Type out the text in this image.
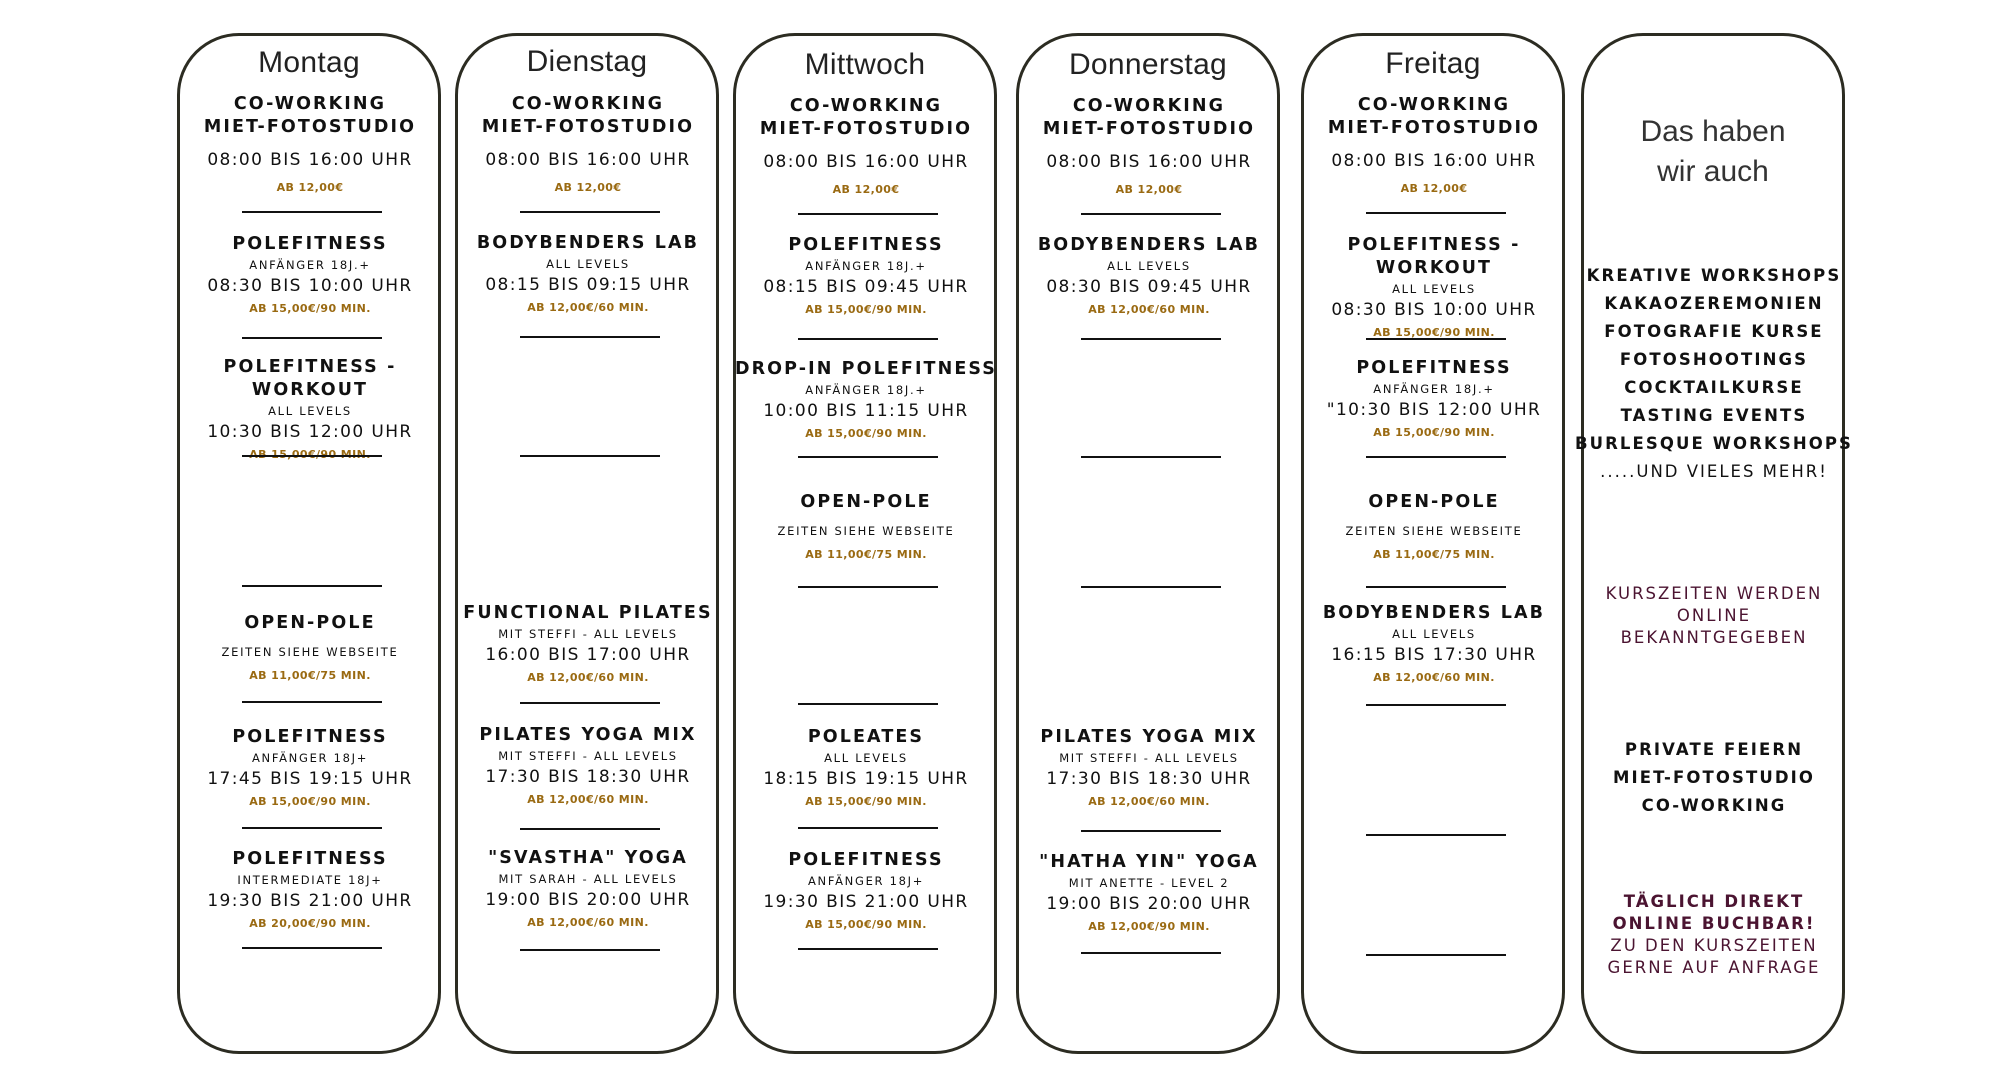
Montag
CO-WORKING
MIET-FOTOSTUDIO
08:00 BIS 16:00 UHR
AB 12,00€
POLEFITNESS
ANFÄNGER 18J.+
08:30 BIS 10:00 UHR
AB 15,00€/90 MIN.
POLEFITNESS - WORKOUT
ALL LEVELS
10:30 BIS 12:00 UHR
AB 15,00€/90 MIN.
OPEN-POLE
ZEITEN SIEHE WEBSEITE
AB 11,00€/75 MIN.
POLEFITNESS
ANFÄNGER 18J+
17:45 BIS 19:15 UHR
AB 15,00€/90 MIN.
POLEFITNESS
INTERMEDIATE 18J+
19:30 BIS 21:00 UHR
AB 20,00€/90 MIN.
Dienstag
CO-WORKING
MIET-FOTOSTUDIO
08:00 BIS 16:00 UHR
AB 12,00€
BODYBENDERS LAB
ALL LEVELS
08:15 BIS 09:15 UHR
AB 12,00€/60 MIN.
FUNCTIONAL PILATES
MIT STEFFI - ALL LEVELS
16:00 BIS 17:00 UHR
AB 12,00€/60 MIN.
PILATES YOGA MIX
MIT STEFFI - ALL LEVELS
17:30 BIS 18:30 UHR
AB 12,00€/60 MIN.
"SVASTHA" YOGA
MIT SARAH - ALL LEVELS
19:00 BIS 20:00 UHR
AB 12,00€/60 MIN.
Mittwoch
CO-WORKING
MIET-FOTOSTUDIO
08:00 BIS 16:00 UHR
AB 12,00€
POLEFITNESS
ANFÄNGER 18J.+
08:15 BIS 09:45 UHR
AB 15,00€/90 MIN.
DROP-IN POLEFITNESS
ANFÄNGER 18J.+
10:00 BIS 11:15 UHR
AB 15,00€/90 MIN.
OPEN-POLE
ZEITEN SIEHE WEBSEITE
AB 11,00€/75 MIN.
POLEATES
ALL LEVELS
18:15 BIS 19:15 UHR
AB 15,00€/90 MIN.
POLEFITNESS
ANFÄNGER 18J+
19:30 BIS 21:00 UHR
AB 15,00€/90 MIN.
Donnerstag
CO-WORKING
MIET-FOTOSTUDIO
08:00 BIS 16:00 UHR
AB 12,00€
BODYBENDERS LAB
ALL LEVELS
08:30 BIS 09:45 UHR
AB 12,00€/60 MIN.
PILATES YOGA MIX
MIT STEFFI - ALL LEVELS
17:30 BIS 18:30 UHR
AB 12,00€/60 MIN.
"HATHA YIN" YOGA
MIT ANETTE - LEVEL 2
19:00 BIS 20:00 UHR
AB 12,00€/90 MIN.
Freitag
CO-WORKING
MIET-FOTOSTUDIO
08:00 BIS 16:00 UHR
AB 12,00€
POLEFITNESS - WORKOUT
ALL LEVELS
08:30 BIS 10:00 UHR
AB 15,00€/90 MIN.
POLEFITNESS
ANFÄNGER 18J.+
"10:30 BIS 12:00 UHR
AB 15,00€/90 MIN.
OPEN-POLE
ZEITEN SIEHE WEBSEITE
AB 11,00€/75 MIN.
BODYBENDERS LAB
ALL LEVELS
16:15 BIS 17:30 UHR
AB 12,00€/60 MIN.
Das haben
wir auch
KREATIVE WORKSHOPS
KAKAOZEREMONIEN
FOTOGRAFIE KURSE
FOTOSHOOTINGS
COCKTAILKURSE
TASTING EVENTS
BURLESQUE WORKSHOPS
.....UND VIELES MEHR!
KURSZEITEN WERDEN
ONLINE
BEKANNTGEGEBEN
PRIVATE FEIERN
MIET-FOTOSTUDIO
CO-WORKING
TÄGLICH DIREKT
ONLINE BUCHBAR!
ZU DEN KURSZEITEN
GERNE AUF ANFRAGE
